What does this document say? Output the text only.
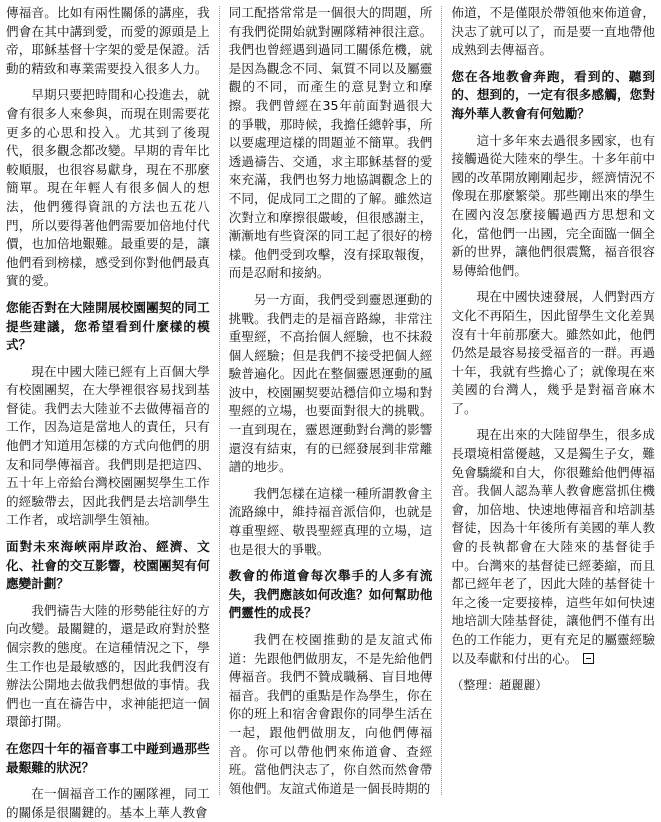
傳福音。比如有兩性關係的講座，我們會在其中講到愛，而愛的源頭是上帝，耶穌基督十字架的愛是保證。活動的精致和專業需要投入很多人力。

早期只要把時間和心投進去，就會有很多人來參與，而現在則需要花更多的心思和投入。尤其到了後現代，很多觀念都改變。早期的青年比較順服，也很容易獻身，現在不那麼簡單。現在年輕人有很多個人的想法，他們獲得資訊的方法也五花八門，所以要得著他們需要加倍地付代價，也加倍地艱難。最重要的是，讓他們看到榜樣，感受到你對他們最真實的愛。

您能否對在大陸開展校園團契的同工提些建議，您希望看到什麼樣的模式？

現在中國大陸已經有上百個大學有校園團契，在大學裡很容易找到基督徒。我們去大陸並不去做傳福音的工作，因為這是當地人的責任，只有他們才知道用怎樣的方式向他們的朋友和同學傳福音。我們則是把這四、五十年上帝給台灣校園團契學生工作的經驗帶去，因此我們是去培訓學生工作者，或培訓學生領袖。

面對未來海峽兩岸政治、經濟、文化、社會的交互影響，校園團契有何應變計劃？

我們禱告大陸的形勢能往好的方向改變。最關鍵的，還是政府對於整個宗教的態度。在這種情況之下，學生工作也是最敏感的，因此我們沒有辦法公開地去做我們想做的事情。我們也一直在禱告中，求神能把這一個環節打開。

在您四十年的福音事工中踫到過那些最艱難的狀況？

在一個福音工作的團隊裡，同工的關係是很關鍵的。基本上華人教會

同工配搭常常是一個很大的問題，所有我們從開始就對團隊精神很注意。我們也曾經遇到過同工關係危機，就是因為觀念不同、氣質不同以及屬靈觀的不同，而產生的意見對立和摩擦。我們曾經在35年前面對過很大的爭戰，那時候，我擔任總幹事，所以要處理這樣的問題並不簡單。我們透過禱告、交通，求主耶穌基督的愛來充滿，我們也努力地協調觀念上的不同，促成同工之間的了解。雖然這次對立和摩擦很嚴峻，但很感謝主，漸漸地有些資深的同工起了很好的榜樣。他們受到攻擊，沒有採取報復，而是忍耐和接納。

另一方面，我們受到靈恩運動的挑戰。我們走的是福音路線，非常注重聖經，不高抬個人經驗，也不抹殺個人經驗；但是我們不接受把個人經驗普遍化。因此在整個靈恩運動的風波中，校園團契要站穩信仰立場和對聖經的立場，也要面對很大的挑戰。一直到現在，靈恩運動對台灣的影響還沒有結束，有的已經發展到非常離譜的地步。

我們怎樣在這樣一種所謂教會主流路線中，維持福音派信仰，也就是尊重聖經、敬畏聖經真理的立場，這也是很大的爭戰。

教會的佈道會每次舉手的人多有流失，我們應該如何改進？如何幫助他們靈性的成長？

我們在校園推動的是友誼式佈道：先跟他們做朋友，不是先給他們傳福音。我們不贊成職稱、盲目地傳福音。我們的重點是作為學生，你在你的班上和宿舍會跟你的同學生活在一起，跟他們做朋友，向他們傳福音。你可以帶他們來佈道會、查經班。當他們決志了，你自然而然會帶領他們。友誼式佈道是一個長時期的

佈道，不是僅限於帶領他來佈道會，決志了就可以了，而是要一直地帶他成熟到去傳福音。

您在各地教會奔跑，看到的、聽到的、想到的，一定有很多感觸，您對海外華人教會有何勉勵？

這十多年來去過很多國家，也有接觸過從大陸來的學生。十多年前中國的改革開放剛剛起步，經濟情況不像現在那麼繁榮。那些剛出來的學生在國內沒怎麼接觸過西方思想和文化，當他們一出國，完全面臨一個全新的世界，讓他們很震驚，福音很容易傳給他們。

現在中國快速發展，人們對西方文化不再陌生，因此留學生文化差異沒有十年前那麼大。雖然如此，他們仍然是最容易接受福音的一群。再過十年，我就有些擔心了；就像現在來美國的台灣人，幾乎是對福音麻木了。

現在出來的大陸留學生，很多成長環境相當優越，又是獨生子女，難免會驕縱和自大，你很難給他們傳福音。我個人認為華人教會應當抓住機會，加倍地、快速地傳福音和培訓基督徒，因為十年後所有美國的華人教會的長執都會在大陸來的基督徒手中。台灣來的基督徒已經萎縮，而且都已經年老了，因此大陸的基督徒十年之後一定要接棒，這些年如何快速地培訓大陸基督徒，讓他們不僅有出色的工作能力，更有充足的屬靈經驗以及奉獻和付出的心。

（整理：趙麗麗）
